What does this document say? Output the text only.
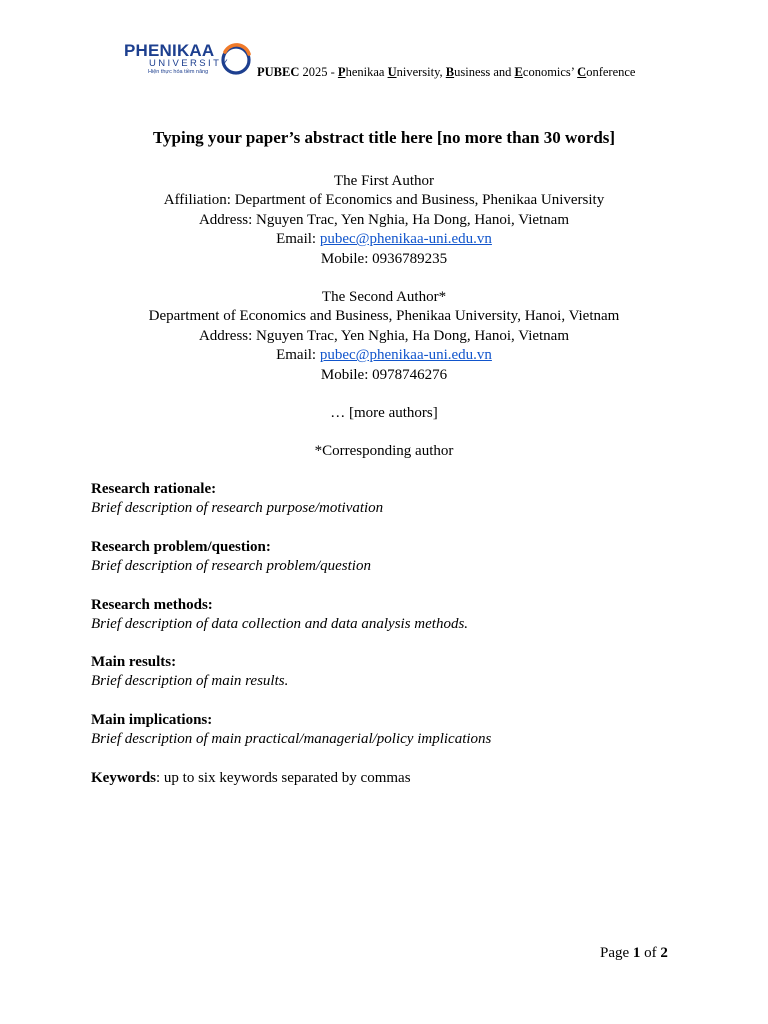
PHENIKAA
UNIVERSITY
Hiện thực hóa tiềm năng	PUBEC 2025 - Phenikaa University, Business and Economics’ Conference
Typing your paper’s abstract title here [no more than 30 words]
The First Author
Affiliation: Department of Economics and Business, Phenikaa University
Address: Nguyen Trac, Yen Nghia, Ha Dong, Hanoi, Vietnam
Email: pubec@phenikaa-uni.edu.vn
Mobile: 0936789235
The Second Author*
Department of Economics and Business, Phenikaa University, Hanoi, Vietnam
Address: Nguyen Trac, Yen Nghia, Ha Dong, Hanoi, Vietnam
Email: pubec@phenikaa-uni.edu.vn
Mobile: 0978746276
… [more authors]
*Corresponding author
Research rationale:
Brief description of research purpose/motivation
Research problem/question:
Brief description of research problem/question
Research methods:
Brief description of data collection and data analysis methods.
Main results:
Brief description of main results.
Main implications:
Brief description of main practical/managerial/policy implications
Keywords: up to six keywords separated by commas
Page 1 of 2
